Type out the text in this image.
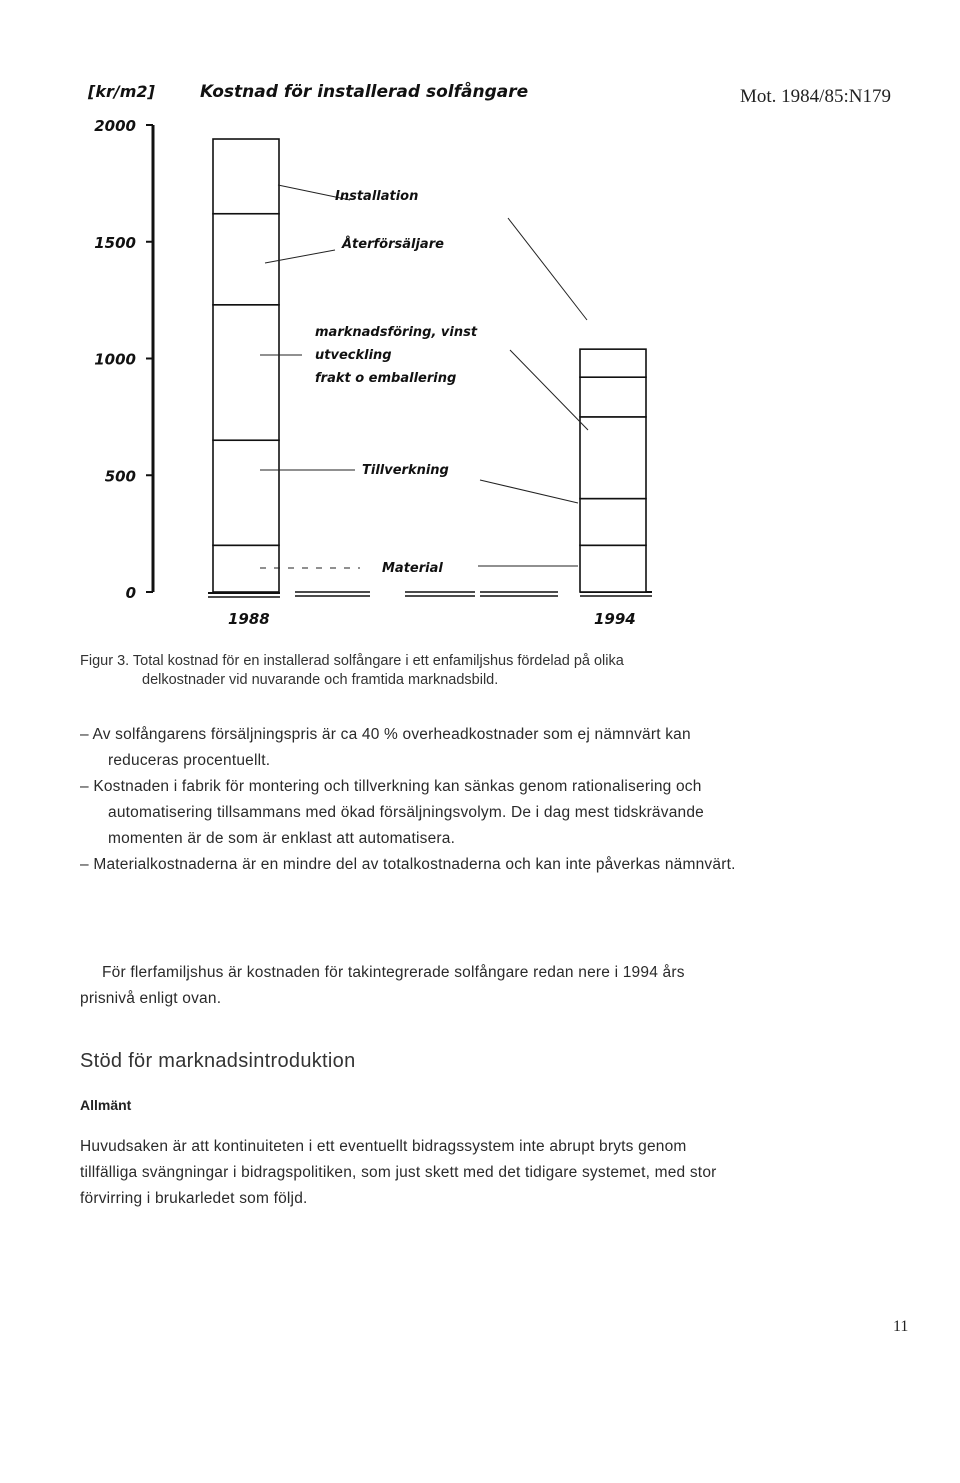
Mot. 1984/85:N179
[kr/m2]	Kostnad för installerad solfångare
2000
1500
1000
500
0
Installation
Återförsäljare
marknadsföring, vinst
utveckling
frakt o emballering
Tillverkning
Material
1988	1994
Figur 3. Total kostnad för en installerad solfångare i ett enfamiljshus fördelad på olika

delkostnader vid nuvarande och framtida marknadsbild.
– Av solfångarens försäljningspris är ca 40 % overheadkostnader som ej nämnvärt kan reduceras procentuellt.
– Kostnaden i fabrik för montering och tillverkning kan sänkas genom rationalisering och automatisering tillsammans med ökad försäljningsvolym. De i dag mest tidskrävande momenten är de som är enklast att automatisera.
– Materialkostnaderna är en mindre del av totalkostnaderna och kan inte påverkas nämnvärt.
För flerfamiljshus är kostnaden för takintegrerade solfångare redan nere i 1994 års prisnivå enligt ovan.
Stöd för marknadsintroduktion
Allmänt
Huvudsaken är att kontinuiteten i ett eventuellt bidragssystem inte abrupt bryts genom tillfälliga svängningar i bidragspolitiken, som just skett med det tidigare systemet, med stor förvirring i brukarledet som följd.
11
